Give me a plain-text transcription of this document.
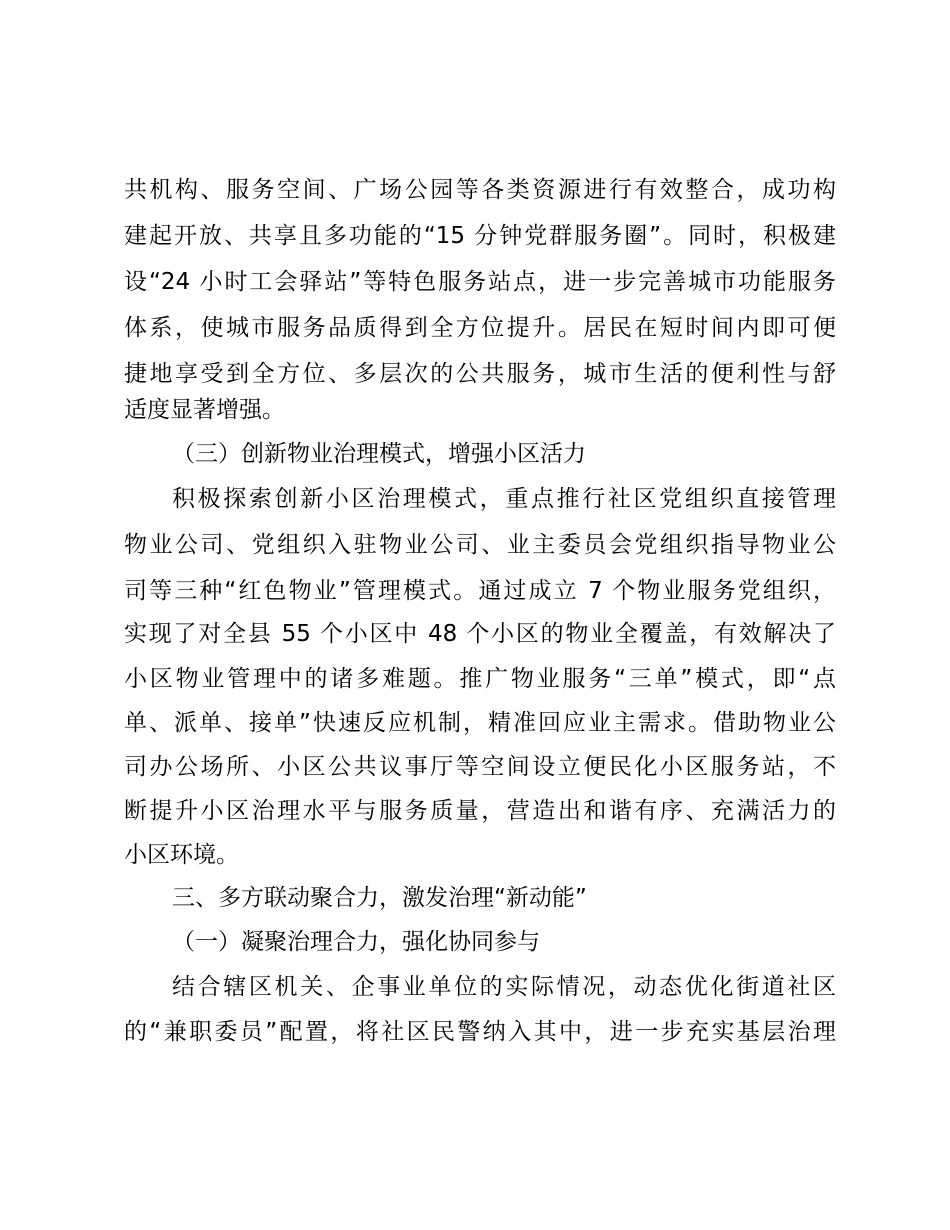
共机构、服务空间、广场公园等各类资源进行有效整合，成功构
建起开放、共享且多功能的“15 分钟党群服务圈”。同时，积极建
设“24 小时工会驿站”等特色服务站点，进一步完善城市功能服务
体系，使城市服务品质得到全方位提升。居民在短时间内即可便
捷地享受到全方位、多层次的公共服务，城市生活的便利性与舒
适度显著增强。
（三）创新物业治理模式，增强小区活力
积极探索创新小区治理模式，重点推行社区党组织直接管理
物业公司、党组织入驻物业公司、业主委员会党组织指导物业公
司等三种“红色物业”管理模式。通过成立 7 个物业服务党组织，
实现了对全县 55 个小区中 48 个小区的物业全覆盖，有效解决了
小区物业管理中的诸多难题。推广物业服务“三单”模式，即“点
单、派单、接单”快速反应机制，精准回应业主需求。借助物业公
司办公场所、小区公共议事厅等空间设立便民化小区服务站，不
断提升小区治理水平与服务质量，营造出和谐有序、充满活力的
小区环境。
三、多方联动聚合力，激发治理“新动能”
（一）凝聚治理合力，强化协同参与
结合辖区机关、企事业单位的实际情况，动态优化街道社区
的“兼职委员”配置，将社区民警纳入其中，进一步充实基层治理
